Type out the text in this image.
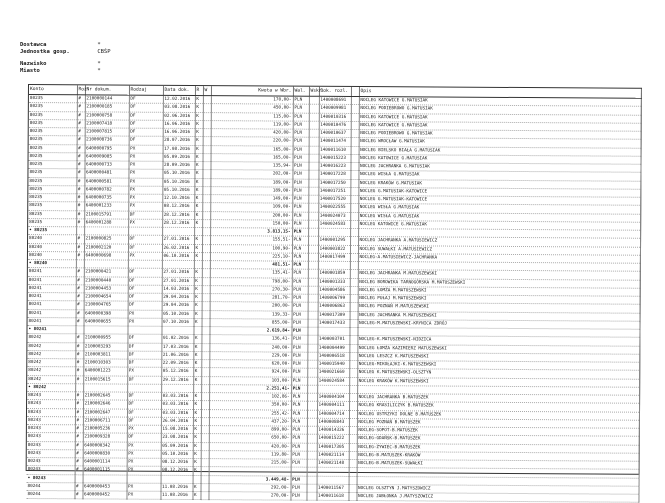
Dostawca	*
Jednostka gosp.	CBŚP
Nazwisko	*
Miasto	*
Konto	Roz	Nr dokum.	Rodzaj	Data dok.	R	W	Kwota w Wbr.	Wal.	Wskr.	Dok. rozl.		Opis
80235	#	2100000144	DF	12.02.2016	K		170,00-	PLN		1400008691		NOCLEG KATOWICE G.MATUSIAK
80235	#	2100000185	DF	03.08.2016	K		450,00-	PLN		1400009981		NOCLEG PODIEBROWO G.MATUSIAK
80235	#	2100000758	DF	02.06.2016	K		115,00-	PLN		1400010316		NOCLEG KATOWICE G.MATUSIAK
80235	#	2100007418	DF	16.06.2016	K		119,00-	PLN		1400010476		NOCLEG KATOWICE G.MATUSIAK
80235	#	2100007815	DF	16.06.2016	K		420,00-	PLN		1400010637		NOCLEG PODIEBROWO G.MATUSIAK
80235	#	2100008736	DF	28.07.2016	K		220,00-	PLN		1400011474		NOCLEG WROCŁAW G.MATUSIAK
80235	#	6400000795	PX	17.08.2016	K		165,00-	PLN		1400011610		NOCLEG BIELSKO BIAŁA G.MATUSIAK
80235	#	6400009085	PX	05.09.2016	K		165,00-	PLN		1400015223		NOCLEG KATOWICE G.MATUSIAK
80235	#	6400000733	PX	28.09.2016	K		135,94-	PLN		1400016223		NOCLEG JACHRANKA G.MATUSIAK
80235	#	6400000481	PX	05.10.2016	K		202,00-	PLN		1400017228		NOCLEG WISŁA G.MATUSIAK
80235	#	6400000581	PX	05.10.2016	K		189,00-	PLN		1400017250		NOCLEG KRAKÓW G.MATUSIAK
80235	#	6400000782	PX	05.10.2016	K		189,00-	PLN		1400017251		NOCLEG G.MATUSIAK-KATOWICE
80235	#	6400000735	PX	12.10.2016	K		149,00-	PLN		1400017520		NOCLEG G.MATUSIAK-KATOWICE
80235	#	6400001233	PX	08.12.2016	K		109,00-	PLN		1400022555		NOCLEG WISŁA G.MATUSIAK
80235	#	2100015791	DF	28.12.2016	K		200,00-	PLN		1400024073		NOCLEG WISŁA G.MATUSIAK
80235	#	6400001288	PX	28.12.2016	K		150,00-	PLN		1400024583		NOCLEG KATOWICE G.MATUSIAK
• 80235							3.813,15-	PLN				
80240	#	2100000825	DF	27.01.2016	K		155,51-	PLN		1400001295		NOCLEG JACHRANKA A.MATUSIEWICZ
80240	#	2100002120	DF	26.02.2016	K		100,90-	PLN		1400003822		NOCLEG SUWAŁKI A.MATUSIEWICZ
80240	#	6400000698	PX	06.10.2016	K		225,10-	PLN		1400017499		NOCLEG-A.MATUSIEWICZ-JACHRANKA
• 80240							481,51-	PLN				
80241	#	2100000421	DF	27.01.2016	K		135,41-	PLN		1400001859		NOCLEG JACHRANKA M.MATUSZEWSKI
80241	#	2100000440	DF	27.01.2016	K		798,00-	PLN		1400001333		NOCLEG BOROWIKA TARNOGÓRSKA M.MATUSZEWSKI
80241	#	2100004453	DF	14.03.2016	K		270,30-	PLN		1400004586		NOCLEG ŁOMŻA M.MATUSZEWSKI
80241	#	2100004654	DF	29.04.2016	K		281,70-	PLN		1400006799		NOCLEG PUŁAJ M.MATUSZEWSKI
80241	#	2100004765	DF	29.04.2016	K		200,00-	PLN		1400006863		NOCLEG POZNAŃ M.MATUSZEWSKI
80241	#	6400000398	PX	05.10.2016	K		139,33-	PLN		1400017309		NOCLEG JACHRANKA M.MATUSZEWSKI
80241	#	6400000655	PX	07.10.2016	K		855,00-	PLN		1400017433		NOCLEG-M.MATUSZEWSKI-KRYNICA ZDRÓJ
• 80241							2.619,84-	PLN				
80242	#	2100000955	DF	01.02.2016	K		136,41-	PLN		1400003701		NOCLEG-K.MATUSZEWSKI-NIDZICA
80242	#	2100003293	DF	17.03.2016	K		240,00-	PLN		1400004499		NOCLEG ŁOMŻA KAZIMIERZ MATUSZEWSKI
80242	#	2100003811	DF	21.06.2016	K		229,00-	PLN		1400006518		NOCLEG LESZCZ K.MATUSZEWSKI
80242	#	2100010303	DF	22.09.2016	K		620,00-	PLN		1400015940		NOCLEG-MIKOŁAJKI-K.MATUSZEWSKI
80242	#	6400001223	PX	05.12.2016	K		924,00-	PLN		1400021660		NOCLEG K.MATUSZEWSKI-OLSZTYN
80242	#	2100015615	DF	29.12.2016	K		103,00-	PLN		1400024584		NOCLEG KRAKÓW K.MATUSZEWSKI
• 80242							2.251,41-	PLN				
80243	#	2100002645	DF	03.03.2016	K		102,86-	PLN		1400004104		NOCLEG JACHRANKA B.MATUSZEK
80243	#	2100002646	DF	03.03.2016	K		350,00-	PLN		1400004111		NOCLEG KRASILICZYK B.MATUSZEK
80243	#	2100002647	DF	03.03.2016	K		255,42-	PLN		1400004714		NOCLEG USTRZYKI DOLNE B.MATUSZEK
80243	#	2100006711	DF	26.04.2016	K		437,20-	PLN		1400008843		NOCLEG POZNAŃ B.MATUSZEK
80243	#	2100005236	PX	15.08.2016	K		899,00-	PLN		1400014326		NOCLEG-SOPOT-B.MATUSZEK
80243	#	2100009328	DF	23.08.2016	K		650,00-	PLN		1400015222		NOCLEG-GDAŃSK-B.MATUSZEK
80243	#	6400000342	PX	05.09.2016	K		420,00-	PLN		1400017305		NOCLEG-ŻYWIEC-B.MATUSZEK
80243	#	6400000830	PX	05.10.2016	K		119,80-	PLN		1400021114		NOCLEG-B.MATUSZEK-KRAKÓW
80243	#	6400001114	PX	08.12.2016	K		215,00-	PLN		1400021148		NOCLEG-B.MATUSZEK-SUWAŁKI
80243	#	6400001115	PX	08.12.2016	K							
• 80243							3.449,48-	PLN				
80244	#	6400000453	PX	11.08.2016	K		292,00-	PLN		1400011567		NOCLEG OLSZTYN J.MATYSZOWICZ
80244	#	6400000452	PX	11.08.2016	K		270,00-	PLN		1400011618		NOCLEG JABŁONKA J.MATYSZOWICZ
